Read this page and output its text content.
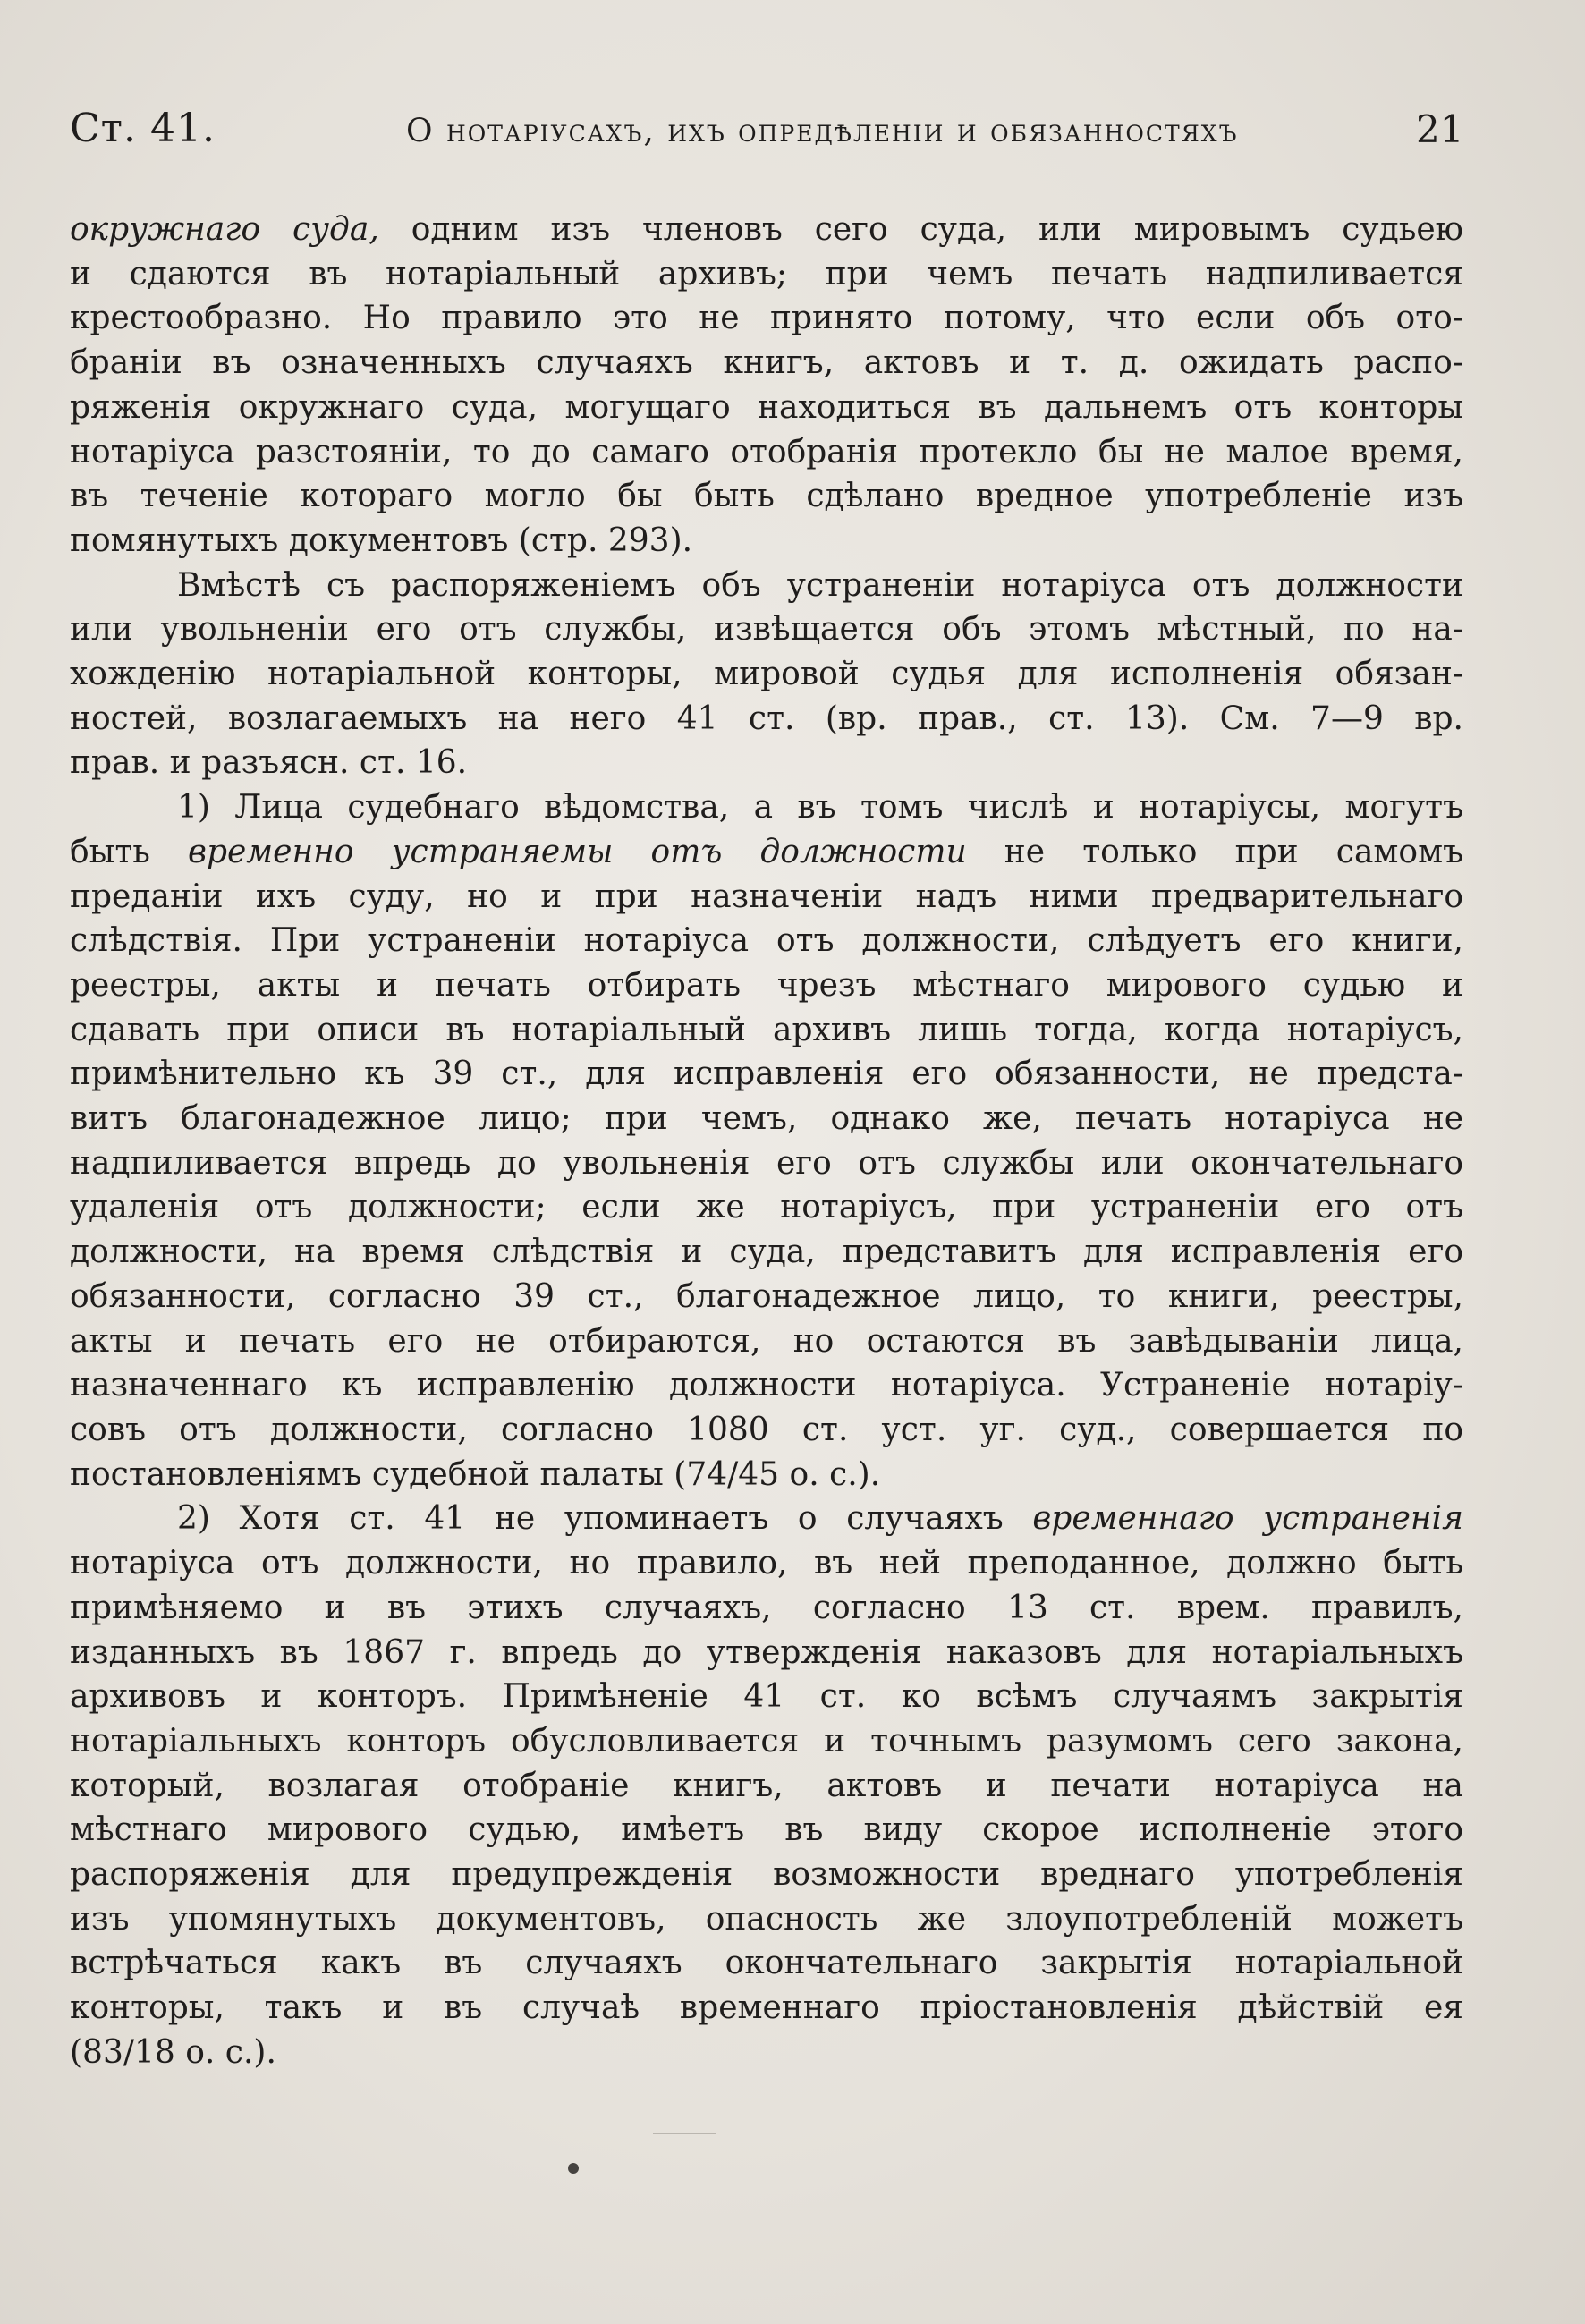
Ст. 41.	О нотаріусахъ, ихъ опредѣленіи и обязанностяхъ	21

окружнаго суда, одним изъ членовъ сего суда, или мировымъ судьею
и сдаются въ нотаріальный архивъ; при чемъ печать надпиливается
крестообразно. Но правило это не принято потому, что если объ ото-
браніи въ означенныхъ случаяхъ книгъ, актовъ и т. д. ожидать распо-
ряженія окружнаго суда, могущаго находиться въ дальнемъ отъ конторы
нотаріуса разстояніи, то до самаго отобранія протекло бы не малое время,
въ теченіе котораго могло бы быть сдѣлано вредное употребленіе изъ
помянутыхъ документовъ (стр. 293).

Вмѣстѣ съ распоряженіемъ объ устраненіи нотаріуса отъ должности
или увольненіи его отъ службы, извѣщается объ этомъ мѣстный, по на-
хожденію нотаріальной конторы, мировой судья для исполненія обязан-
ностей, возлагаемыхъ на него 41 ст. (вр. прав., ст. 13). См. 7—9 вр.
прав. и разъясн. ст. 16.

1) Лица судебнаго вѣдомства, а въ томъ числѣ и нотаріусы, могутъ
быть временно устраняемы отъ должности не только при самомъ
преданіи ихъ суду, но и при назначеніи надъ ними предварительнаго
слѣдствія. При устраненіи нотаріуса отъ должности, слѣдуетъ его книги,
реестры, акты и печать отбирать чрезъ мѣстнаго мирового судью и
сдавать при описи въ нотаріальный архивъ лишь тогда, когда нотаріусъ,
примѣнительно къ 39 ст., для исправленія его обязанности, не предста-
витъ благонадежное лицо; при чемъ, однако же, печать нотаріуса не
надпиливается впредь до увольненія его отъ службы или окончательнаго
удаленія отъ должности; если же нотаріусъ, при устраненіи его отъ
должности, на время слѣдствія и суда, представитъ для исправленія его
обязанности, согласно 39 ст., благонадежное лицо, то книги, реестры,
акты и печать его не отбираются, но остаются въ завѣдываніи лица,
назначеннаго къ исправленію должности нотаріуса. Устраненіе нотаріу-
совъ отъ должности, согласно 1080 ст. уст. уг. суд., совершается по
постановленіямъ судебной палаты (74/45 о. с.).

2) Хотя ст. 41 не упоминаетъ о случаяхъ временнаго устраненія
нотаріуса отъ должности, но правило, въ ней преподанное, должно быть
примѣняемо и въ этихъ случаяхъ, согласно 13 ст. врем. правилъ,
изданныхъ въ 1867 г. впредь до утвержденія наказовъ для нотаріальныхъ
архивовъ и конторъ. Примѣненіе 41 ст. ко всѣмъ случаямъ закрытія
нотаріальныхъ конторъ обусловливается и точнымъ разумомъ сего закона,
который, возлагая отобраніе книгъ, актовъ и печати нотаріуса на
мѣстнаго мирового судью, имѣетъ въ виду скорое исполненіе этого
распоряженія для предупрежденія возможности вреднаго употребленія
изъ упомянутыхъ документовъ, опасность же злоупотребленій можетъ
встрѣчаться какъ въ случаяхъ окончательнаго закрытія нотаріальной
конторы, такъ и въ случаѣ временнаго пріостановленія дѣйствій ея
(83/18 о. с.).
